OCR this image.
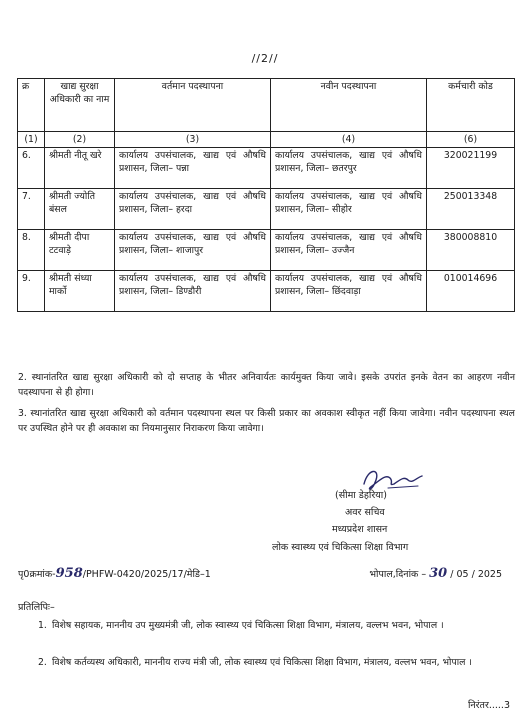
//2//
क्र	खाद्य सुरक्षा अधिकारी का नाम	वर्तमान पदस्थापना	नवीन पदस्थापना	कर्मचारी कोड
(1)	(2)	(3)	(4)	(6)
6.	श्रीमती नीतू खरे	कार्यालय उपसंचालक, खाद्य एवं औषधि प्रशासन, जिला– पन्ना	कार्यालय उपसंचालक, खाद्य एवं औषधि प्रशासन, जिला– छतरपुर	320021199
7.	श्रीमती ज्योति बंसल	कार्यालय उपसंचालक, खाद्य एवं औषधि प्रशासन, जिला– हरदा	कार्यालय उपसंचालक, खाद्य एवं औषधि प्रशासन, जिला– सीहोर	250013348
8.	श्रीमती दीपा टटवाड़े	कार्यालय उपसंचालक, खाद्य एवं औषधि प्रशासन, जिला– शाजापुर	कार्यालय उपसंचालक, खाद्य एवं औषधि प्रशासन, जिला– उज्जैन	380008810
9.	श्रीमती संध्या मार्को	कार्यालय उपसंचालक, खाद्य एवं औषधि प्रशासन, जिला– डिण्डौरी	कार्यालय उपसंचालक, खाद्य एवं औषधि प्रशासन, जिला– छिंदवाड़ा	010014696
2. स्थानांतरित खाद्य सुरक्षा अधिकारी को दो सप्ताह के भीतर अनिवार्यतः कार्यमुक्त किया जावे। इसके उपरांत इनके वेतन का आहरण नवीन पदस्थापना से ही होगा।
3. स्थानांतरित खाद्य सुरक्षा अधिकारी को वर्तमान पदस्थापना स्थल पर किसी प्रकार का अवकाश स्वीकृत नहीं किया जावेगा। नवीन पदस्थापना स्थल पर उपस्थित होने पर ही अवकाश का नियमानुसार निराकरण किया जावेगा।
(सीमा डेहरिया)
अवर सचिव
मध्यप्रदेश शासन
लोक स्वास्थ्य एवं चिकित्सा शिक्षा विभाग
पृ0क्रमांक-958/PHFW-0420/2025/17/मेडि–1	भोपाल,दिनांक – 30 / 05 / 2025
प्रतिलिपिः–
1. विशेष सहायक, माननीय उप मुख्यमंत्री जी, लोक स्वास्थ्य एवं चिकित्सा शिक्षा विभाग, मंत्रालय, वल्लभ भवन, भोपाल ।
2. विशेष कर्तव्यस्थ अधिकारी, माननीय राज्य मंत्री जी, लोक स्वास्थ्य एवं चिकित्सा शिक्षा विभाग, मंत्रालय, वल्लभ भवन, भोपाल ।
निरंतर.....3
